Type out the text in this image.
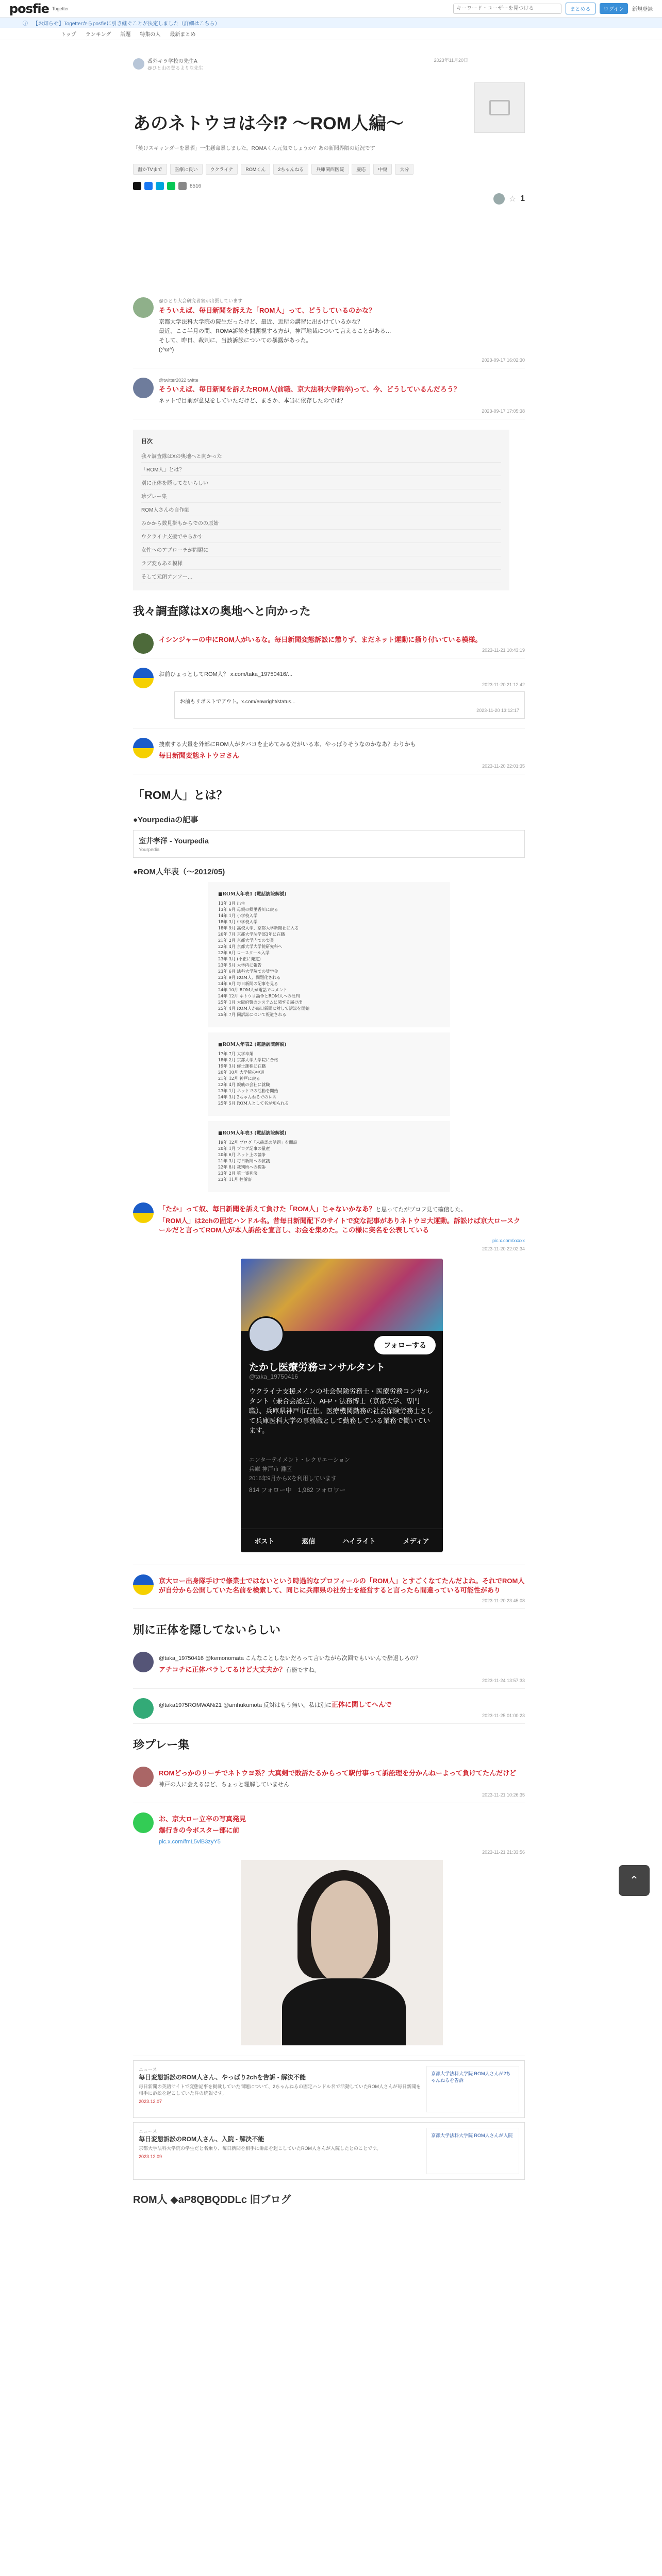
posfie Togetter
キーワード・ユーザーを見つける	まとめる	ログイン	新規登録
ⓘ 【お知らせ】Togetterからposfieに引き継ぐことが決定しました（詳細はこちら）
トップ ランキング 話題 特集の人 最新まとめ
番外キラ学校の先生A
@ひと山の登るよりな先生
2023年11月20日
あのネトウヨは今⁉ 〜ROM人編〜
「焼けスキャンダーを暴晒」一生懸命暴しました。ROMAくん元気でしょうか？あの新聞界隈の近況です
温かTVまで	医療に良い	ウクライナ	ROMくん	2ちゃんねる	兵庫関西医院	慶応	中傷	大分
8516
☆ 1
@ひとり大会研究者室が出張しています
そういえば、毎日新聞を訴えた「ROM人」って、どうしているのかな？
京都大学法科大学院の院生だったけど、最近、近所の講習に出かけているかな？
最近、ここ半月の間、ROMA訴訟を問題視する方が、神戸地裁について言えることがある…
そして、昨日、裁判に、当該訴訟についての暴露があった。
(;^ω^)
2023-09-17 16:02:30
@twitter2022 twitte
そういえば、毎日新聞を訴えたROM人(前職、京大法科大学院卒)って、今、どうしているんだろう？
ネットで目前が意見をしていただけど、まさか、本当に依存したのでは？
2023-09-17 17:05:38
目次
我々調査隊はXの奥地へと向かった
「ROM人」とは？
別に正体を隠してないらしい
珍プレー集
ROM人さんの自作劇
みかから数見掛もからでのの原始
ウクライナ支援でやらかす
女性へのアプローチが問題に
ラブ変もある模様
そして元朗アンソー…
我々調査隊はXの奥地へと向かった
イシンジャーの中にROM人がいるな。毎日新聞変態訴訟に懲りず、まだネット運動に掻り付いている模様。
2023-11-21 10:43:19
お前ひょっとしてROM人？ x.com/taka_19750416/...
2023-11-20 21:12:42
お前もリポストでアウト。x.com/enwright/status...
2023-11-20 13:12:17
捜索する大量を外部にROM人がタバコを止めてみるだがいる本、やっぱりそうなのかなあ？わりかも
毎日新聞変態ネトウヨさん
2023-11-20 22:01:35
「ROM人」とは？
●Yourpediaの記事
室井孝洋 - Yourpedia
Yourpedia
●ROM人年表（〜2012/05)
■ROM人年表1 (電話訪院解説)
13年 3月 出生
13年 6月 母親の郷里香川に戻る
14年 1月 小学校入学
18年 3月 中学校入学
18年 9月 高校入学、京都大学新聞社に入る
20年 7月 京都大学法学部3年に在籍
21年 2月 京都大学内での実業
22年 4月 京都大学大学院研究科へ
22年 6月 ロースクール入学
23年 3月 (不正に発覚)
23年 5月 大学内に報告
23年 6月 法科大学院での奨学金
23年 9月 ROM人、問題化される
24年 6月 毎日新聞の記事を見る
24年 10月 ROM人が電話でコメント
24年 12月 ネトウヨ論争とROM人への批判
25年 1月 大阪府警のシステムに関する届け出
25年 4月 ROM人が毎日新聞に対して訴訟を開始
25年 7月 同訴訟について報道される
■ROM人年表2 (電話訪院解説)
17年 7月 大学卒業
18年 2月 京都大学大学院に合格
19年 3月 修士課程に在籍
20年 10月 大学院の中退
21年 12月 神戸に戻る
22年 4月 親戚の会社に就職
23年 1月 ネットでの活動を開始
24年 3月 2ちゃんねるでのレス
25年 5月 ROM人として名が知られる
■ROM人年表3 (電話訪院解説)
19年 12月 ブログ「未確認の話題」を開設
20年 1月 ブログ記事の量産
20年 6月 ネット上の論争
21年 3月 毎日新聞への抗議
22年 8月 裁判所への提訴
23年 2月 第一審判決
23年 11月 控訴審
「たか」って奴、毎日新聞を訴えて負けた「ROM人」じゃないかなあ？と思ってたがプロフ見て確信した。
「ROM人」は2chの固定ハンドル名。昔毎日新聞配下のサイトで変な記事がありネトウヨ大運動。訴訟けば京大ロースクールだと言ってROM人が本人訴訟を宣言し、お金を集めた。この様に実名を公表している
pic.x.com/xxxxx
2023-11-20 22:02:34
フォローする
たかし医療労務コンサルタント
@taka_19750416
ウクライナ支援メインの社会保険労務士・医療労務コンサルタント（兼合会認定）、AFP・法務博士（京都大学、専門職）、兵庫県神戸市在住。医療機関勤務の社会保険労務士として兵庫医科大学の事務職として勤務している業務で働いています。
エンターテイメント・レクリエーション
兵庫 神戸市 灘区
2016年9月からXを利用しています
814 フォロー中　 1,982 フォロワー
ポスト	返信	ハイライト	メディア
京大ロー出身隊手けで修業士ではないという時過的なプロフィールの「ROM人」とすごくなてたんだよね。それでROM人が自分から公開していた名前を検索して、同じに兵庫県の社労士を経営すると言ったら間違っている可能性があり
2023-11-20 23:45:08
別に正体を隠してないらしい
@taka_19750416 @kemonomata こんなことしないだろって言いながら次回でもいいんで辞退しろの？
アチコチに正体バラしてるけど大丈夫か？有能ですね。
2023-11-24 13:57:33
@taka1975ROMWANi21 @amhukumota 反対はもう無い。私は別に正体に関してへんで
2023-11-25 01:00:23
珍プレー集
ROMどっかのリーチでネトウヨ系？大真剣で敗訴たるからって駅付事って訴訟理を分かんねーよって負けてたんだけど
神戸の人に会えるほど、ちょっと理解していません
2023-11-21 10:26:35
お、京大ロー立卒の写真発見
爆行きの今ポスター部に前
pic.x.com/fmL5viB3zyY5
2023-11-21 21:33:56
ニュース
毎日変態訴訟のROM人さん、やっぱり2chを告訴 - 解決不能
毎日新聞の英語サイトで変態記事を掲載していた問題について、2ちゃんねるの固定ハンドル名で活動していたROM人さんが毎日新聞を相手に訴訟を起こしていた件の続報です。
2023.12.07
京都大学法科大学院 ROM人さんが2ちゃんねるを告訴
ニュース
毎日変態訴訟のROM人さん、入院 - 解決不能
京都大学法科大学院の学生だと名乗り、毎日新聞を相手に訴訟を起こしていたROM人さんが入院したとのことです。
2023.12.09
京都大学法科大学院 ROM人さんが入院
ROM人 ◆aP8QBQDDLc 旧ブログ
⌃
